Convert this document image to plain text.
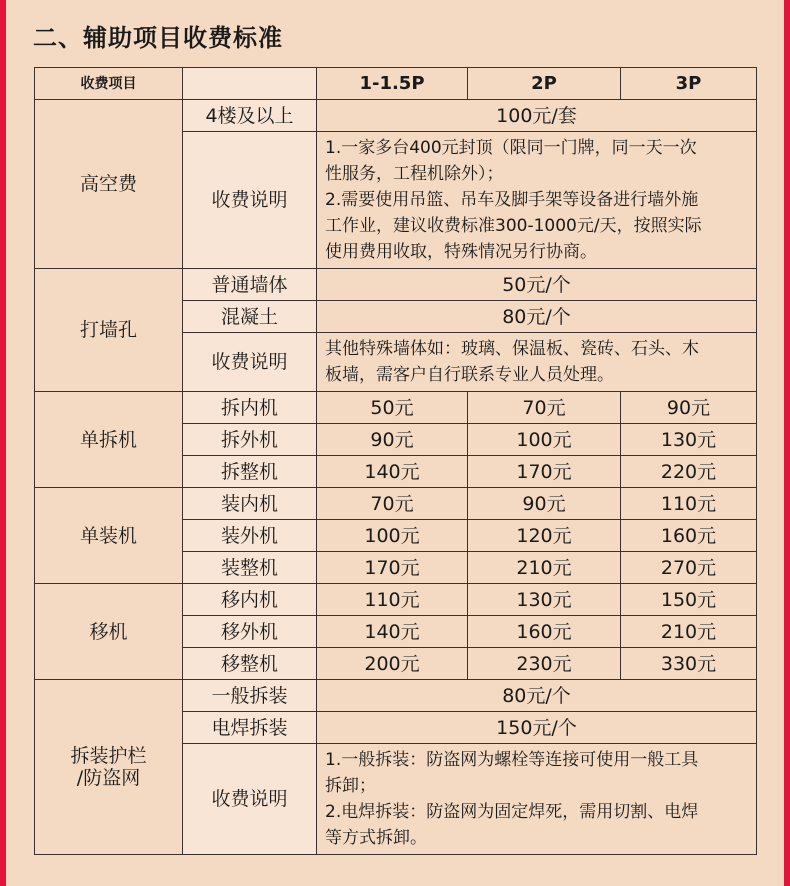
二、辅助项目收费标准
收费项目		1-1.5P	2P	3P
高空费	4楼及以上	100元/套		
	收费说明	1.一家多台400元封顶（限同一门牌，同一天一次
性服务，工程机除外）；
2.需要使用吊篮、吊车及脚手架等设备进行墙外施
工作业，建议收费标准300-1000元/天，按照实际
使用费用收取，特殊情况另行协商。		

打墙孔	普通墙体	50元/个		
	混凝土	80元/个		
	收费说明	其他特殊墙体如：玻璃、保温板、瓷砖、石头、木
板墙，需客户自行联系专业人员处理。		

单拆机	拆内机	50元	70元	90元
	拆外机	90元	100元	130元
	拆整机	140元	170元	220元
单装机	装内机	70元	90元	110元
	装外机	100元	120元	160元
	装整机	170元	210元	270元
移机	移内机	110元	130元	150元
	移外机	140元	160元	210元
	移整机	200元	230元	330元

拆装护栏
/防盗网	一般拆装	80元/个		
	电焊拆装	150元/个		
	收费说明	1.一般拆装：防盗网为螺栓等连接可使用一般工具
拆卸；
2.电焊拆装：防盗网为固定焊死，需用切割、电焊
等方式拆卸。		
